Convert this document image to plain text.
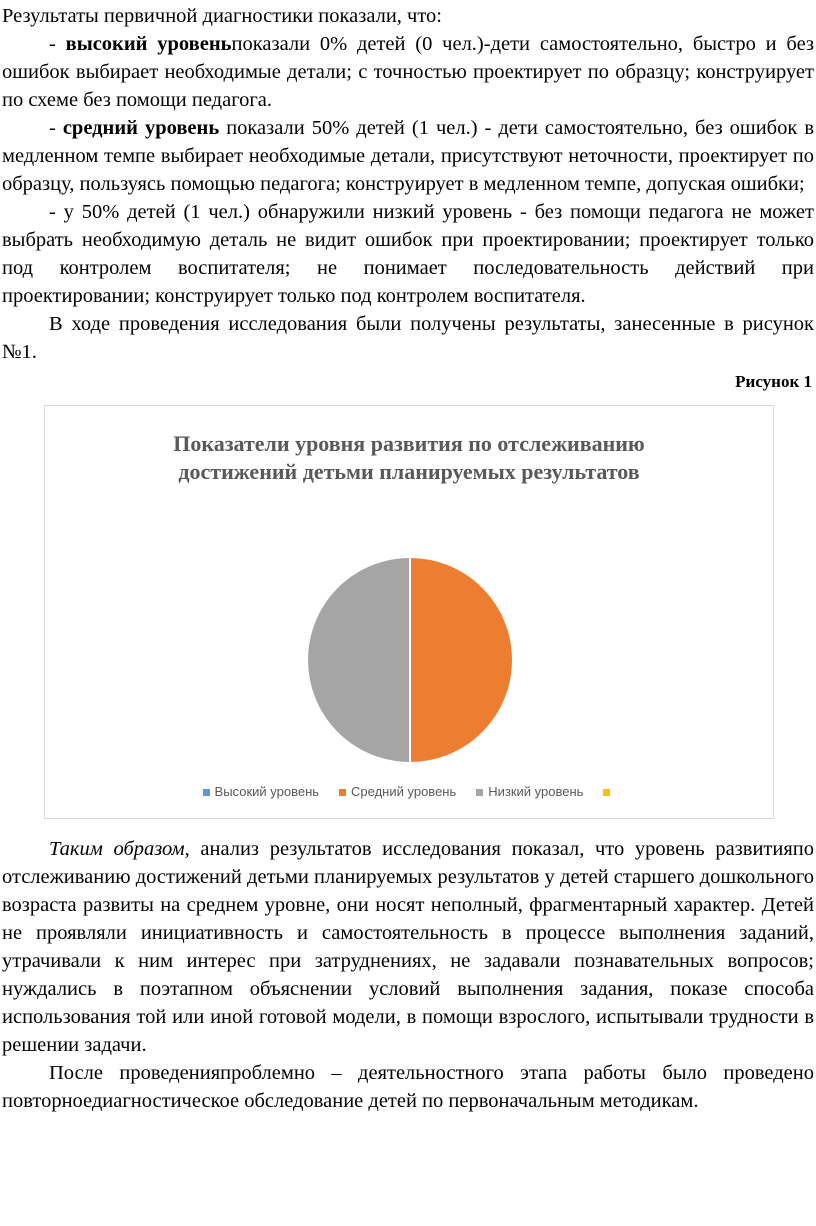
Результаты первичной диагностики показали, что:

- высокий уровеньпоказали 0% детей (0 чел.)-дети самостоятельно, быстро и без ошибок выбирает необходимые детали; с точностью проектирует по образцу; конструирует по схеме без помощи педагога.

- средний уровень показали 50% детей (1 чел.) - дети самостоятельно, без ошибок в медленном темпе выбирает необходимые детали, присутствуют неточности, проектирует по образцу, пользуясь помощью педагога; конструирует в медленном темпе, допуская ошибки;

- у 50% детей (1 чел.) обнаружили низкий уровень - без помощи педагога не может выбрать необходимую деталь не видит ошибок при проектировании; проектирует только под контролем воспитателя; не понимает последовательность действий при проектировании; конструирует только под контролем воспитателя.

В ходе проведения исследования были получены результаты, занесенные в рисунок №1.

Рисунок 1

Показатели уровня развития по отслеживанию
достижений детьми планируемых результатов
Высокий уровень Средний уровень Низкий уровень

Таким образом, анализ результатов исследования показал, что уровень развитияпо отслеживанию достижений детьми планируемых результатов у детей старшего дошкольного возраста развиты на среднем уровне, они носят неполный, фрагментарный характер. Детей не проявляли инициативность и самостоятельность в процессе выполнения заданий, утрачивали к ним интерес при затруднениях, не задавали познавательных вопросов; нуждались в поэтапном объяснении условий выполнения задания, показе способа использования той или иной готовой модели, в помощи взрослого, испытывали трудности в решении задачи.

После проведенияпроблемно – деятельностного этапа работы было проведено повторноедиагностическое обследование детей по первоначальным методикам.
